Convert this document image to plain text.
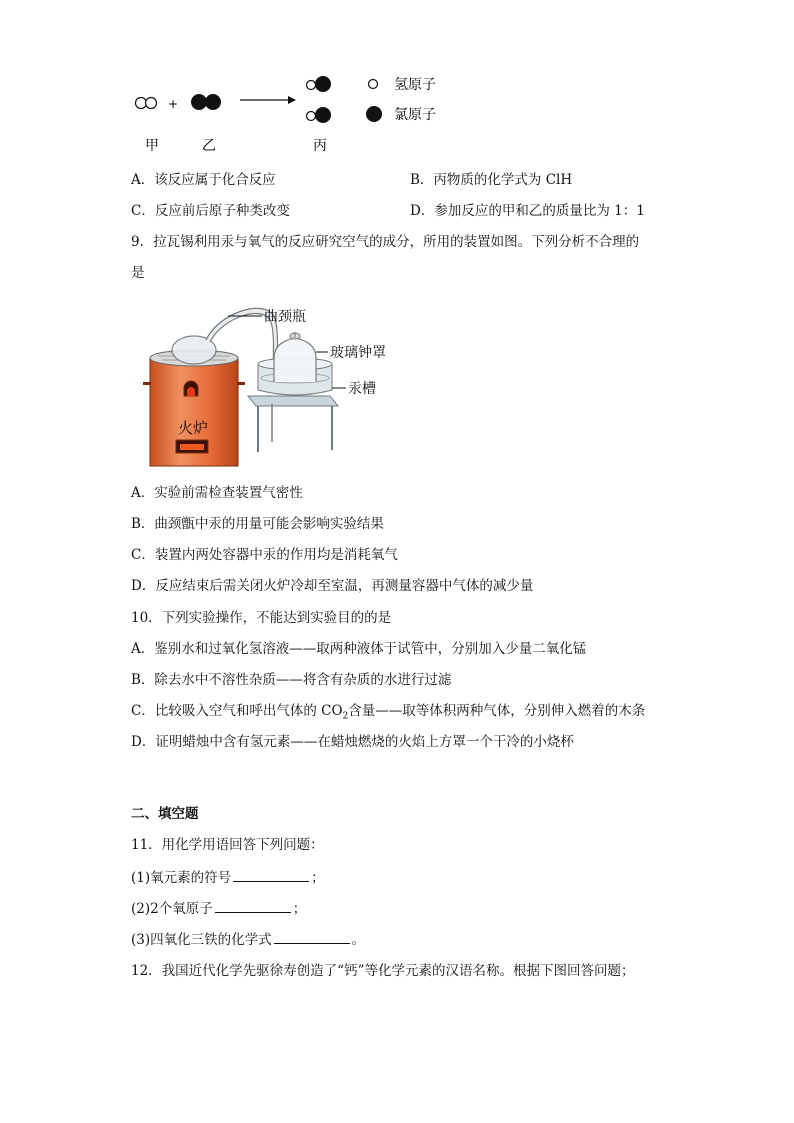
+
氢原子
氯原子
甲	乙	丙
A．该反应属于化合反应	B．丙物质的化学式为 ClH
C．反应前后原子种类改变	D．参加反应的甲和乙的质量比为 1：1
9．拉瓦锡利用汞与氧气的反应研究空气的成分，所用的装置如图。下列分析不合理的
是
火炉
曲颈瓶
玻璃钟罩
汞槽
A．实验前需检查装置气密性
B．曲颈甑中汞的用量可能会影响实验结果
C．装置内两处容器中汞的作用均是消耗氧气
D．反应结束后需关闭火炉冷却至室温，再测量容器中气体的减少量
10．下列实验操作，不能达到实验目的的是
A．鉴别水和过氧化氢溶液——取两种液体于试管中，分别加入少量二氧化锰
B．除去水中不溶性杂质——将含有杂质的水进行过滤
C．比较吸入空气和呼出气体的 $CO_2$含量——取等体积两种气体，分别伸入燃着的木条
D．证明蜡烛中含有氢元素——在蜡烛燃烧的火焰上方罩一个干冷的小烧杯
二、填空题
11．用化学用语回答下列问题：
(1)氧元素的符号	；
(2)2个氧原子	；
(3)四氧化三铁的化学式	。
12．我国近代化学先驱徐寿创造了“钙”等化学元素的汉语名称。根据下图回答问题；
